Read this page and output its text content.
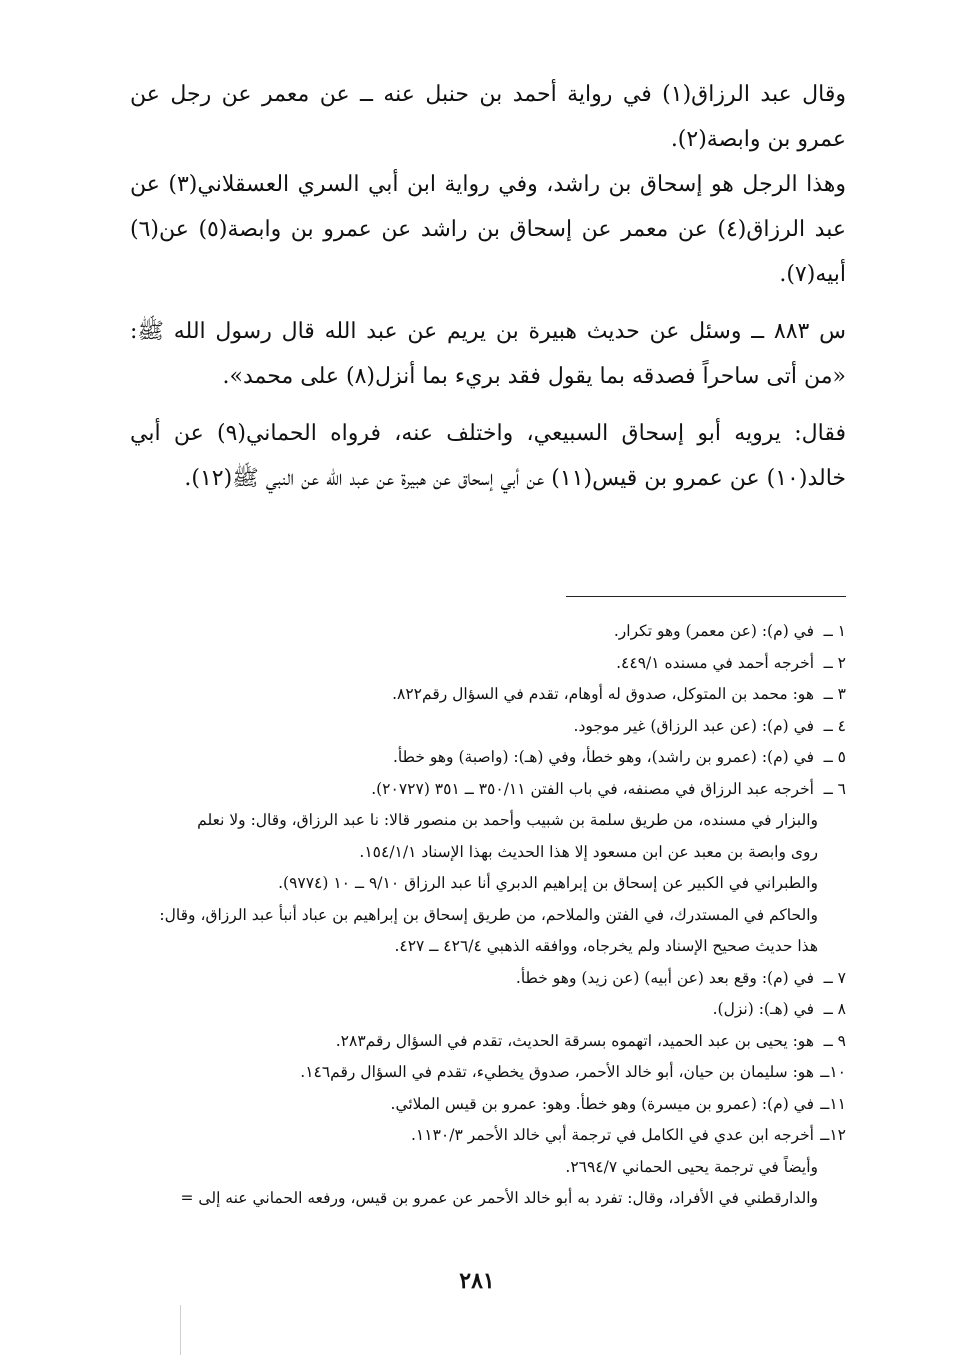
وقال عبد الرزاق(١) في رواية أحمد بن حنبل عنه ــ عن معمر عن رجل عن عمرو بن وابصة(٢).

وهذا الرجل هو إسحاق بن راشد، وفي رواية ابن أبي السري العسقلاني(٣) عن عبد الرزاق(٤) عن معمر عن إسحاق بن راشد عن عمرو بن وابصة(٥) عن(٦) أبيه(٧).

س ٨٨٣ ــ وسئل عن حديث هبيرة بن يريم عن عبد الله قال رسول الله ﷺ: «من أتى ساحراً فصدقه بما يقول فقد بريء بما أنزل(٨) على محمد».

فقال: يرويه أبو إسحاق السبيعي، واختلف عنه، فرواه الحماني(٩) عن أبي خالد(١٠) عن عمرو بن قيس(١١) عن أبي إسحاق عن هبيرة عن عبد الله عن النبي ﷺ(١٢).

١ ــ
في (م): (عن معمر) وهو تكرار.
٢ ــ
أخرجه أحمد في مسنده ٤٤٩/١.
٣ ــ
هو: محمد بن المتوكل، صدوق له أوهام، تقدم في السؤال رقم٨٢٢.
٤ ــ
في (م): (عن عبد الرزاق) غير موجود.
٥ ــ
في (م): (عمرو بن راشد)، وهو خطأ، وفي (هـ): (واصبة) وهو خطأ.
٦ ــ
أخرجه عبد الرزاق في مصنفه، في باب الفتن ٣٥٠/١١ ــ ٣٥١ (٢٠٧٢٧).
والبزار في مسنده، من طريق سلمة بن شبيب وأحمد بن منصور قالا: نا عبد الرزاق، وقال: ولا نعلم
روى وابصة بن معبد عن ابن مسعود إلا هذا الحديث بهذا الإسناد ١٥٤/١/١.
والطبراني في الكبير عن إسحاق بن إبراهيم الدبري أنا عبد الرزاق ٩/١٠ ــ ١٠ (٩٧٧٤).
والحاكم في المستدرك، في الفتن والملاحم، من طريق إسحاق بن إبراهيم بن عباد أنبأ عبد الرزاق، وقال:
هذا حديث صحيح الإسناد ولم يخرجاه، ووافقه الذهبي ٤٢٦/٤ ــ ٤٢٧.
٧ ــ
في (م): وقع بعد (عن أبيه) (عن زيد) وهو خطأ.
٨ ــ
في (هـ): (نزل).
٩ ــ
هو: يحيى بن عبد الحميد، اتهموه بسرقة الحديث، تقدم في السؤال رقم٢٨٣.
١٠ــ
هو: سليمان بن حيان، أبو خالد الأحمر، صدوق يخطيء، تقدم في السؤال رقم١٤٦.
١١ــ
في (م): (عمرو بن ميسرة) وهو خطأ. وهو: عمرو بن قيس الملائي.
١٢ــ
أخرجه ابن عدي في الكامل في ترجمة أبي خالد الأحمر ١١٣٠/٣.
وأيضاً في ترجمة يحيى الحماني ٢٦٩٤/٧.
والدارقطني في الأفراد، وقال: تفرد به أبو خالد الأحمر عن عمرو بن قيس، ورفعه الحماني عنه إلى =
٢٨١
